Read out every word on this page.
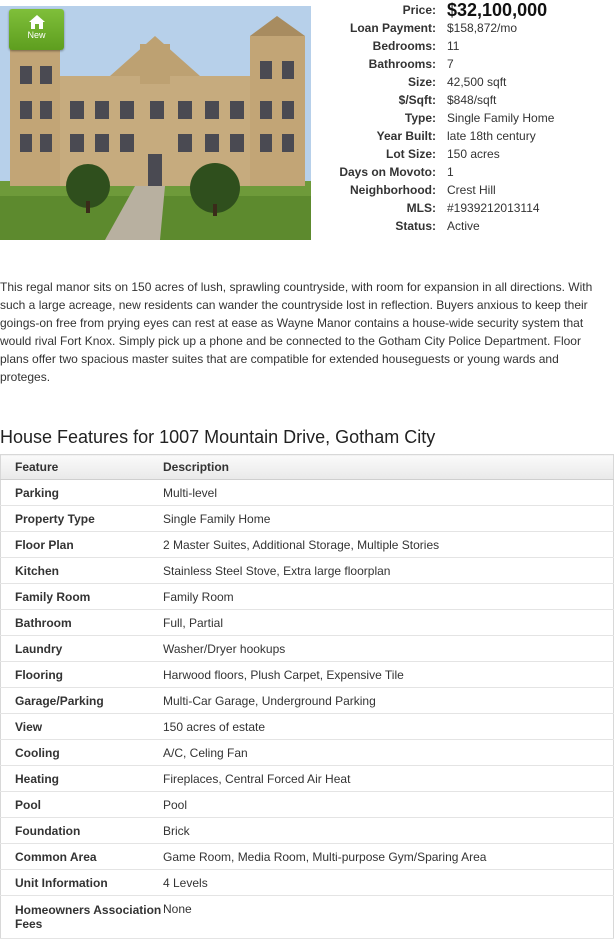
New
Price: $32,100,000
Loan Payment: $158,872/mo
Bedrooms: 11
Bathrooms: 7
Size: 42,500 sqft
$/Sqft: $848/sqft
Type: Single Family Home
Year Built: late 18th century
Lot Size: 150 acres
Days on Movoto: 1
Neighborhood: Crest Hill
MLS: #1939212013114
Status: Active
This regal manor sits on 150 acres of lush, sprawling countryside, with room for expansion in all directions. With such a large acreage, new residents can wander the countryside lost in reflection. Buyers anxious to keep their goings-on free from prying eyes can rest at ease as Wayne Manor contains a house-wide security system that would rival Fort Knox. Simply pick up a phone and be connected to the Gotham City Police Department. Floor plans offer two spacious master suites that are compatible for extended houseguests or young wards and proteges.
House Features for 1007 Mountain Drive, Gotham City
Feature	Description
Parking	Multi-level
Property Type	Single Family Home
Floor Plan	2 Master Suites, Additional Storage, Multiple Stories
Kitchen	Stainless Steel Stove, Extra large floorplan
Family Room	Family Room
Bathroom	Full, Partial
Laundry	Washer/Dryer hookups
Flooring	Harwood floors, Plush Carpet, Expensive Tile
Garage/Parking	Multi-Car Garage, Underground Parking
View	150 acres of estate
Cooling	A/C, Celing Fan
Heating	Fireplaces, Central Forced Air Heat
Pool	Pool
Foundation	Brick
Common Area	Game Room, Media Room, Multi-purpose Gym/Sparing Area
Unit Information	4 Levels
Homeowners Association Fees	None
